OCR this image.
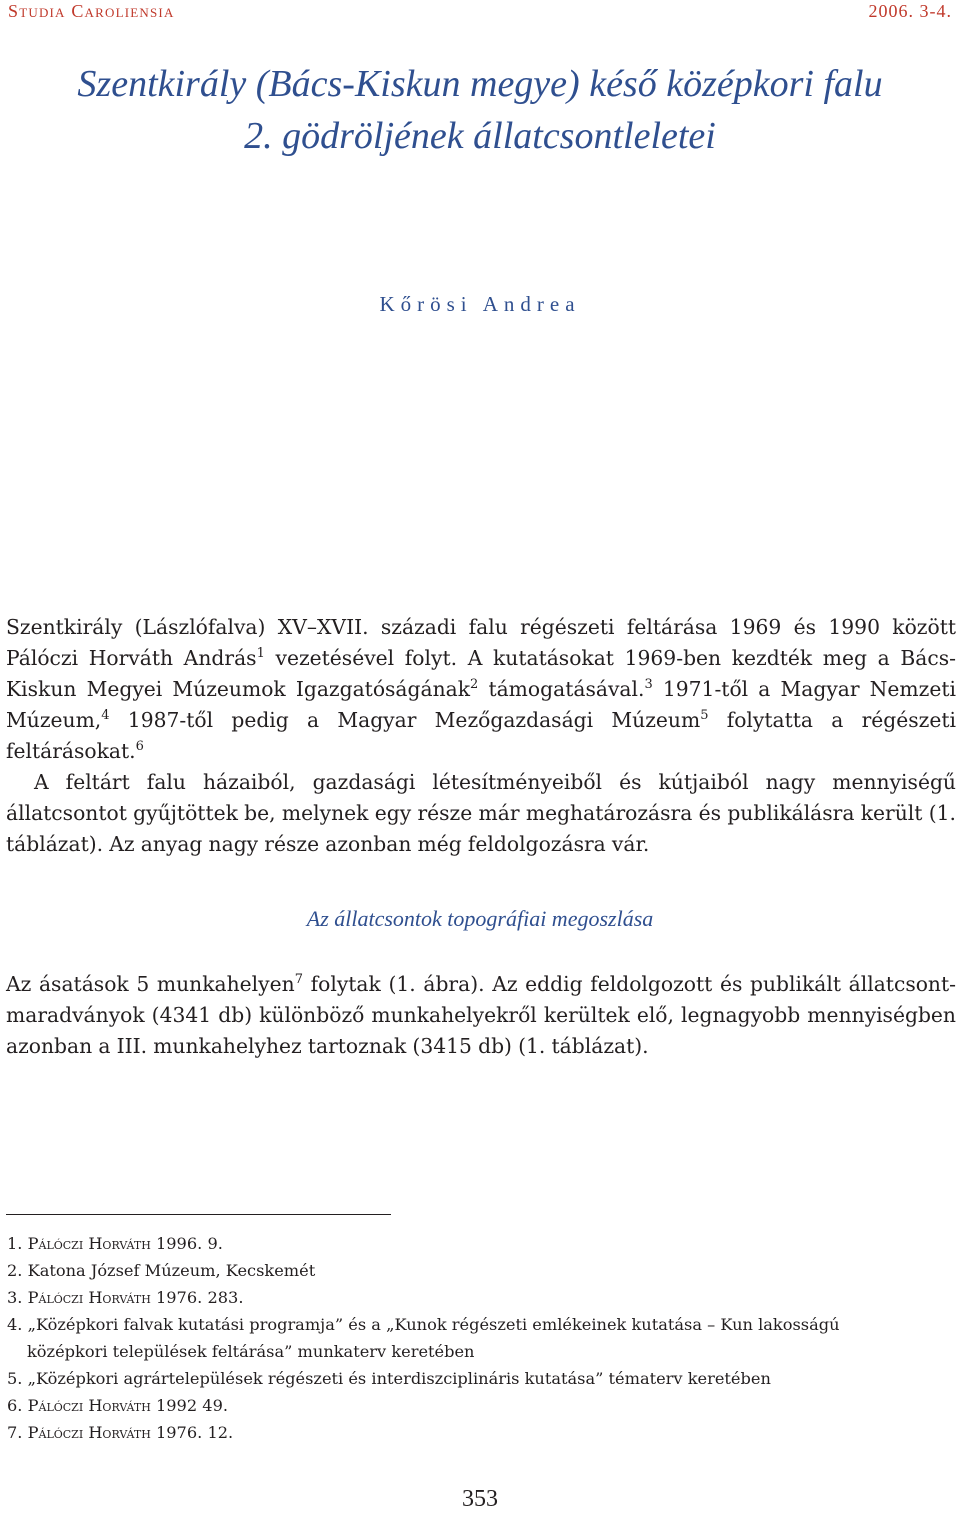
Studia Caroliensia	2006. 3-4.
Szentkirály (Bács-Kiskun megye) késő középkori falu
2. gödröljének állatcsontleletei
Kőrösi Andrea

Szentkirály (Lászlófalva) XV–XVII. századi falu régészeti feltárása 1969 és 1990 között Pálóczi Horváth András$^1$ vezetésével folyt. A kutatásokat 1969-ben kezdték meg a Bács-Kiskun Megyei Múzeumok Igazgatóságának$^2$ támogatásával.$^3$ 1971-től a Magyar Nemzeti Múzeum,$^4$ 1987-től pedig a Magyar Mezőgazdasági Múzeum$^5$ folytatta a régészeti feltárásokat.$^6$

A feltárt falu házaiból, gazdasági létesítményeiből és kútjaiból nagy mennyiségű állatcsontot gyűjtöttek be, melynek egy része már meghatározásra és publikálásra került (1. táblázat). Az anyag nagy része azonban még feldolgozásra vár.

Az állatcsontok topográfiai megoszlása

Az ásatások 5 munkahelyen$^7$ folytak (1. ábra). Az eddig feldolgozott és publikált állatcsont-maradványok (4341 db) különböző munkahelyekről kerültek elő, legnagyobb mennyiségben azonban a III. munkahelyhez tartoznak (3415 db) (1. táblázat).

1. Pálóczi Horváth 1996. 9.

2. Katona József Múzeum, Kecskemét

3. Pálóczi Horváth 1976. 283.

4. „Középkori falvak kutatási programja” és a „Kunok régészeti emlékeinek kutatása – Kun lakosságú
középkori települések feltárása” munkaterv keretében

5. „Középkori agrártelepülések régészeti és interdiszciplináris kutatása” tématerv keretében

6. Pálóczi Horváth 1992 49.

7. Pálóczi Horváth 1976. 12.

353
